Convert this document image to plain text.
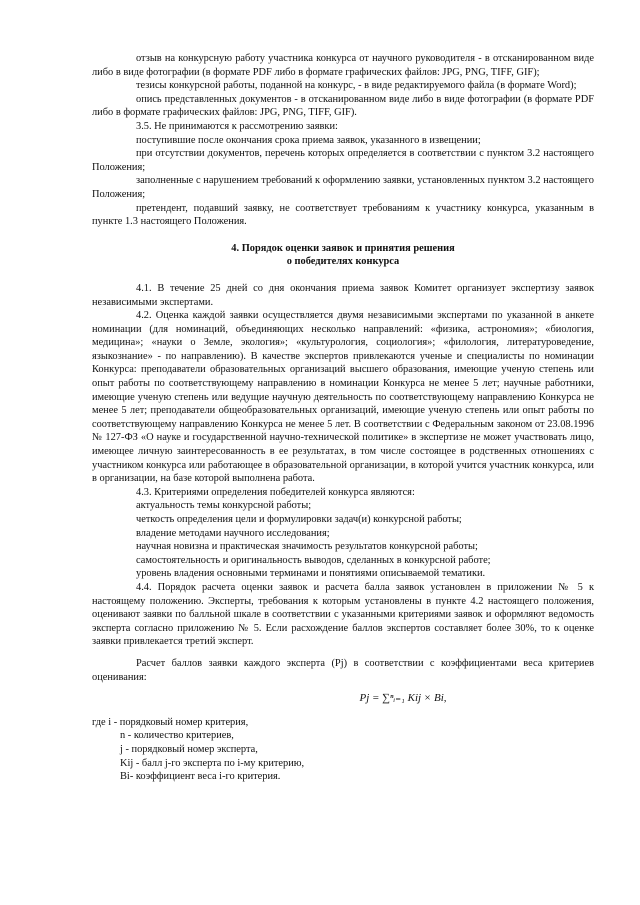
отзыв на конкурсную работу участника конкурса от научного руководителя - в отсканированном виде либо в виде фотографии (в формате PDF либо в формате графических файлов: JPG, PNG, TIFF, GIF);

тезисы конкурсной работы, поданной на конкурс, - в виде редактируемого файла (в формате Word);

опись представленных документов - в отсканированном виде либо в виде фотографии (в формате PDF либо в формате графических файлов: JPG, PNG, TIFF, GIF).

3.5. Не принимаются к рассмотрению заявки:

поступившие после окончания срока приема заявок, указанного в извещении;

при отсутствии документов, перечень которых определяется в соответствии с пунктом 3.2 настоящего Положения;

заполненные с нарушением требований к оформлению заявки, установленных пунктом 3.2 настоящего Положения;

претендент, подавший заявку, не соответствует требованиям к участнику конкурса, указанным в пункте 1.3 настоящего Положения.

4. Порядок оценки заявок и принятия решения

о победителях конкурса

4.1. В течение 25 дней со дня окончания приема заявок Комитет организует экспертизу заявок независимыми экспертами.

4.2. Оценка каждой заявки осуществляется двумя независимыми экспертами по указанной в анкете номинации (для номинаций, объединяющих несколько направлений: «физика, астрономия»; «биология, медицина»; «науки о Земле, экология»; «культурология, социология»; «филология, литературоведение, языкознание» - по направлению). В качестве экспертов привлекаются ученые и специалисты по номинации Конкурса: преподаватели образовательных организаций высшего образования, имеющие ученую степень или опыт работы по соответствующему направлению в номинации Конкурса не менее 5 лет; научные работники, имеющие ученую степень или ведущие научную деятельность по соответствующему направлению Конкурса не менее 5 лет; преподаватели общеобразовательных организаций, имеющие ученую степень или опыт работы по соответствующему направлению Конкурса не менее 5 лет. В соответствии с Федеральным законом от 23.08.1996 № 127-ФЗ «О науке и государственной научно-технической политике» в экспертизе не может участвовать лицо, имеющее личную заинтересованность в ее результатах, в том числе состоящее в родственных отношениях с участником конкурса или работающее в образовательной организации, в которой учится участник конкурса, или в организации, на базе которой выполнена работа.

4.3. Критериями определения победителей конкурса являются:

актуальность темы конкурсной работы;

четкость определения цели и формулировки задач(и) конкурсной работы;

владение методами научного исследования;

научная новизна и практическая значимость результатов конкурсной работы;

самостоятельность и оригинальность выводов, сделанных в конкурсной работе;

уровень владения основными терминами и понятиями описываемой тематики.

4.4. Порядок расчета оценки заявок и расчета балла заявок установлен в приложении № 5 к настоящему положению. Эксперты, требования к которым установлены в пункте 4.2 настоящего положения, оценивают заявки по балльной шкале в соответствии с указанными критериями заявок и оформляют ведомость эксперта согласно приложению № 5. Если расхождение баллов экспертов составляет более 30%, то к оценке заявки привлекается третий эксперт.

Расчет баллов заявки каждого эксперта (Pj) в соответствии с коэффициентами веса критериев оценивания:

Pj = ∑ⁿᵢ₌₁ Kij × Bi,

где i - порядковый номер критерия,

n - количество критериев,

j - порядковый номер эксперта,

Kij - балл j-го эксперта по i-му критерию,

Bi- коэффициент веса i-го критерия.
